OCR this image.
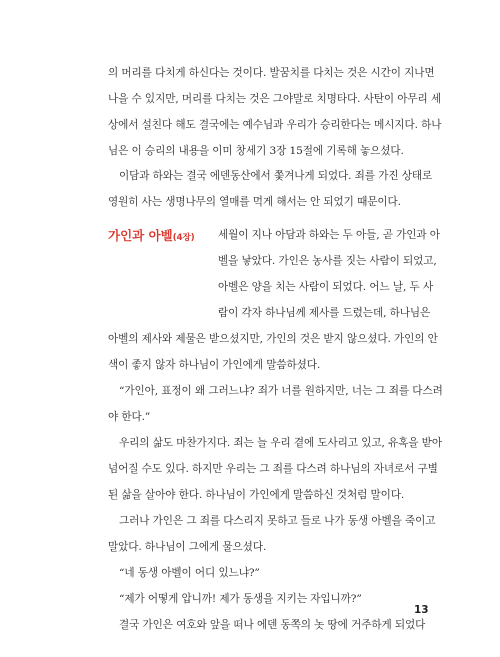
의 머리를 다치게 하신다는 것이다. 발꿈치를 다치는 것은 시간이 지나면
나을 수 있지만, 머리를 다치는 것은 그야말로 치명타다. 사탄이 아무리 세
상에서 설친다 해도 결국에는 예수님과 우리가 승리한다는 메시지다. 하나
님은 이 승리의 내용을 이미 창세기 3장 15절에 기록해 놓으셨다.

이담과 하와는 결국 에덴동산에서 쫓겨나게 되었다. 죄를 가진 상태로
영원히 사는 생명나무의 열매를 먹게 해서는 안 되었기 때문이다.

가인과 아벨(4장) 세월이 지나 아담과 하와는 두 아들, 곧 가인과 아
벨을 낳았다. 가인은 농사를 짓는 사람이 되었고,
아벨은 양을 치는 사람이 되었다. 어느 날, 두 사
람이 각자 하나님께 제사를 드렸는데, 하나님은

아벨의 제사와 제물은 받으셨지만, 가인의 것은 받지 않으셨다. 가인의 안
색이 좋지 않자 하나님이 가인에게 말씀하셨다.
“가인아, 표정이 왜 그러느냐? 죄가 너를 원하지만, 너는 그 죄를 다스려
야 한다.”
우리의 삶도 마찬가지다. 죄는 늘 우리 곁에 도사리고 있고, 유혹을 받아
넘어질 수도 있다. 하지만 우리는 그 죄를 다스려 하나님의 자녀로서 구별
된 삶을 살아야 한다. 하나님이 가인에게 말씀하신 것처럼 말이다.
그러나 가인은 그 죄를 다스리지 못하고 들로 나가 동생 아벨을 죽이고
말았다. 하나님이 그에게 물으셨다.
“네 동생 아벨이 어디 있느냐?”
“제가 어떻게 압니까! 제가 동생을 지키는 자입니까?”
결국 가인은 여호와 앞을 떠나 에덴 동쪽의 놋 땅에 거주하게 되었다

13
